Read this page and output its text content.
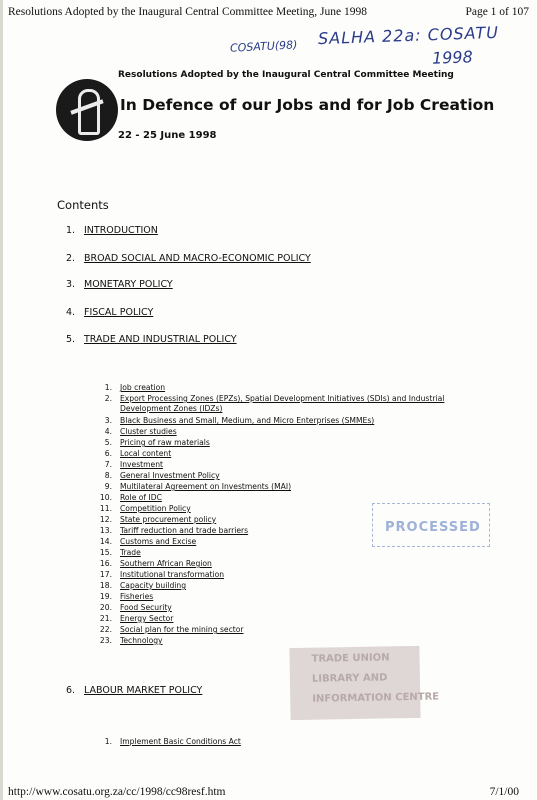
Resolutions Adopted by the Inaugural Central Committee Meeting, June 1998	Page 1 of 107
COSATU(98) SALHA 22a: COSATU
1998
Resolutions Adopted by the Inaugural Central Committee Meeting
In Defence of our Jobs and for Job Creation
22 - 25 June 1998
Contents
1. INTRODUCTION
2. BROAD SOCIAL AND MACRO-ECONOMIC POLICY
3. MONETARY POLICY
4. FISCAL POLICY
5. TRADE AND INDUSTRIAL POLICY
1. Job creation
2. Export Processing Zones (EPZs), Spatial Development Initiatives (SDIs) and Industrial
Development Zones (IDZs)
3. Black Business and Small, Medium, and Micro Enterprises (SMMEs)
4. Cluster studies
5. Pricing of raw materials
6. Local content
7. Investment
8. General Investment Policy
9. Multilateral Agreement on Investments (MAI)
10. Role of IDC
11. Competition Policy
12. State procurement policy
13. Tariff reduction and trade barriers
14. Customs and Excise
15. Trade
16. Southern African Region
17. Institutional transformation
18. Capacity building
19. Fisheries
20. Food Security
21. Energy Sector
22. Social plan for the mining sector
23. Technology
6. LABOUR MARKET POLICY
1. Implement Basic Conditions Act
PROCESSED
TRADE UNION
LIBRARY AND
INFORMATION CENTRE
http://www.cosatu.org.za/cc/1998/cc98resf.htm	7/1/00
